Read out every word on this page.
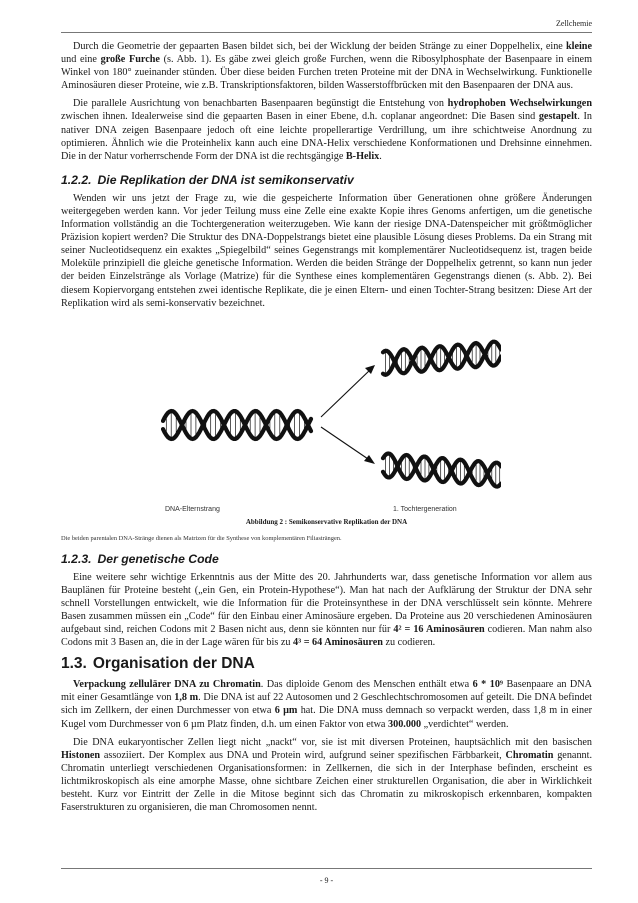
Zellchemie

Durch die Geometrie der gepaarten Basen bildet sich, bei der Wicklung der beiden Stränge zu einer Doppelhelix, eine kleine und eine große Furche (s. Abb. 1). Es gäbe zwei gleich große Furchen, wenn die Ribosylphosphate der Basenpaare in einem Winkel von 180° zueinander stünden. Über diese beiden Furchen treten Proteine mit der DNA in Wechselwirkung. Funktionelle Aminosäuren dieser Proteine, wie z.B. Transkriptionsfaktoren, bilden Wasserstoffbrücken mit den Basenpaaren der DNA aus.

Die parallele Ausrichtung von benachbarten Basenpaaren begünstigt die Entstehung von hydrophoben Wechselwirkungen zwischen ihnen. Idealerweise sind die gepaarten Basen in einer Ebene, d.h. coplanar angeordnet: Die Basen sind gestapelt. In nativer DNA zeigen Basenpaare jedoch oft eine leichte propellerartige Verdrillung, um ihre schichtweise Anordnung zu optimieren. Ähnlich wie die Proteinhelix kann auch eine DNA-Helix verschiedene Konformationen und Drehsinne einnehmen. Die in der Natur vorherrschende Form der DNA ist die rechtsgängige B-Helix.

1.2.2. Die Replikation der DNA ist semikonservativ

Wenden wir uns jetzt der Frage zu, wie die gespeicherte Information über Generationen ohne größere Änderungen weitergegeben werden kann. Vor jeder Teilung muss eine Zelle eine exakte Kopie ihres Genoms anfertigen, um die genetische Information vollständig an die Tochtergeneration weiterzugeben. Wie kann der riesige DNA-Datenspeicher mit größtmöglicher Präzision kopiert werden? Die Struktur des DNA-Doppelstrangs bietet eine plausible Lösung dieses Problems. Da ein Strang mit seiner Nucleotidsequenz ein exaktes „Spiegelbild“ seines Gegenstrangs mit komplementärer Nucleotidsequenz ist, tragen beide Moleküle prinzipiell die gleiche genetische Information. Werden die beiden Stränge der Doppelhelix getrennt, so kann nun jeder der beiden Einzelstränge als Vorlage (Matrize) für die Synthese eines komplementären Gegenstrangs dienen (s. Abb. 2). Bei diesem Kopiervorgang entstehen zwei identische Replikate, die je einen Eltern- und einen Tochter-Strang besitzen: Diese Art der Replikation wird als semi-konservativ bezeichnet.

DNA-Elternstrang	1. Tochtergeneration
Abbildung 2 : Semikonservative Replikation der DNA
Die beiden parentalen DNA-Stränge dienen als Matrizen für die Synthese von komplementären Filiasträngen.
1.2.3. Der genetische Code

Eine weitere sehr wichtige Erkenntnis aus der Mitte des 20. Jahrhunderts war, dass genetische Information vor allem aus Bauplänen für Proteine besteht („ein Gen, ein Protein-Hypothese“). Man hat nach der Aufklärung der Struktur der DNA sehr schnell Vorstellungen entwickelt, wie die Information für die Proteinsynthese in der DNA verschlüsselt sein könnte. Mehrere Basen zusammen müssen ein „Code“ für den Einbau einer Aminosäure ergeben. Da Proteine aus 20 verschiedenen Aminosäuren aufgebaut sind, reichen Codons mit 2 Basen nicht aus, denn sie könnten nur für 4² = 16 Aminosäuren codieren. Man nahm also Codons mit 3 Basen an, die in der Lage wären für bis zu 4³ = 64 Aminosäuren zu codieren.

1.3. Organisation der DNA

Verpackung zellulärer DNA zu Chromatin. Das diploide Genom des Menschen enthält etwa 6 * 10⁹ Basenpaare an DNA mit einer Gesamtlänge von 1,8 m. Die DNA ist auf 22 Autosomen und 2 Geschlechtschromosomen auf geteilt. Die DNA befindet sich im Zellkern, der einen Durchmesser von etwa 6 µm hat. Die DNA muss demnach so verpackt werden, dass 1,8 m in einer Kugel vom Durchmesser von 6 µm Platz finden, d.h. um einen Faktor von etwa 300.000 „verdichtet“ werden.

Die DNA eukaryontischer Zellen liegt nicht „nackt“ vor, sie ist mit diversen Proteinen, hauptsächlich mit den basischen Histonen assoziiert. Der Komplex aus DNA und Protein wird, aufgrund seiner spezifischen Färbbarkeit, Chromatin genannt. Chromatin unterliegt verschiedenen Organisationsformen: in Zellkernen, die sich in der Interphase befinden, erscheint es lichtmikroskopisch als eine amorphe Masse, ohne sichtbare Zeichen einer strukturellen Organisation, die aber in Wirklichkeit besteht. Kurz vor Eintritt der Zelle in die Mitose beginnt sich das Chromatin zu mikroskopisch erkennbaren, kompakten Faserstrukturen zu organisieren, die man Chromosomen nennt.

- 9 -
